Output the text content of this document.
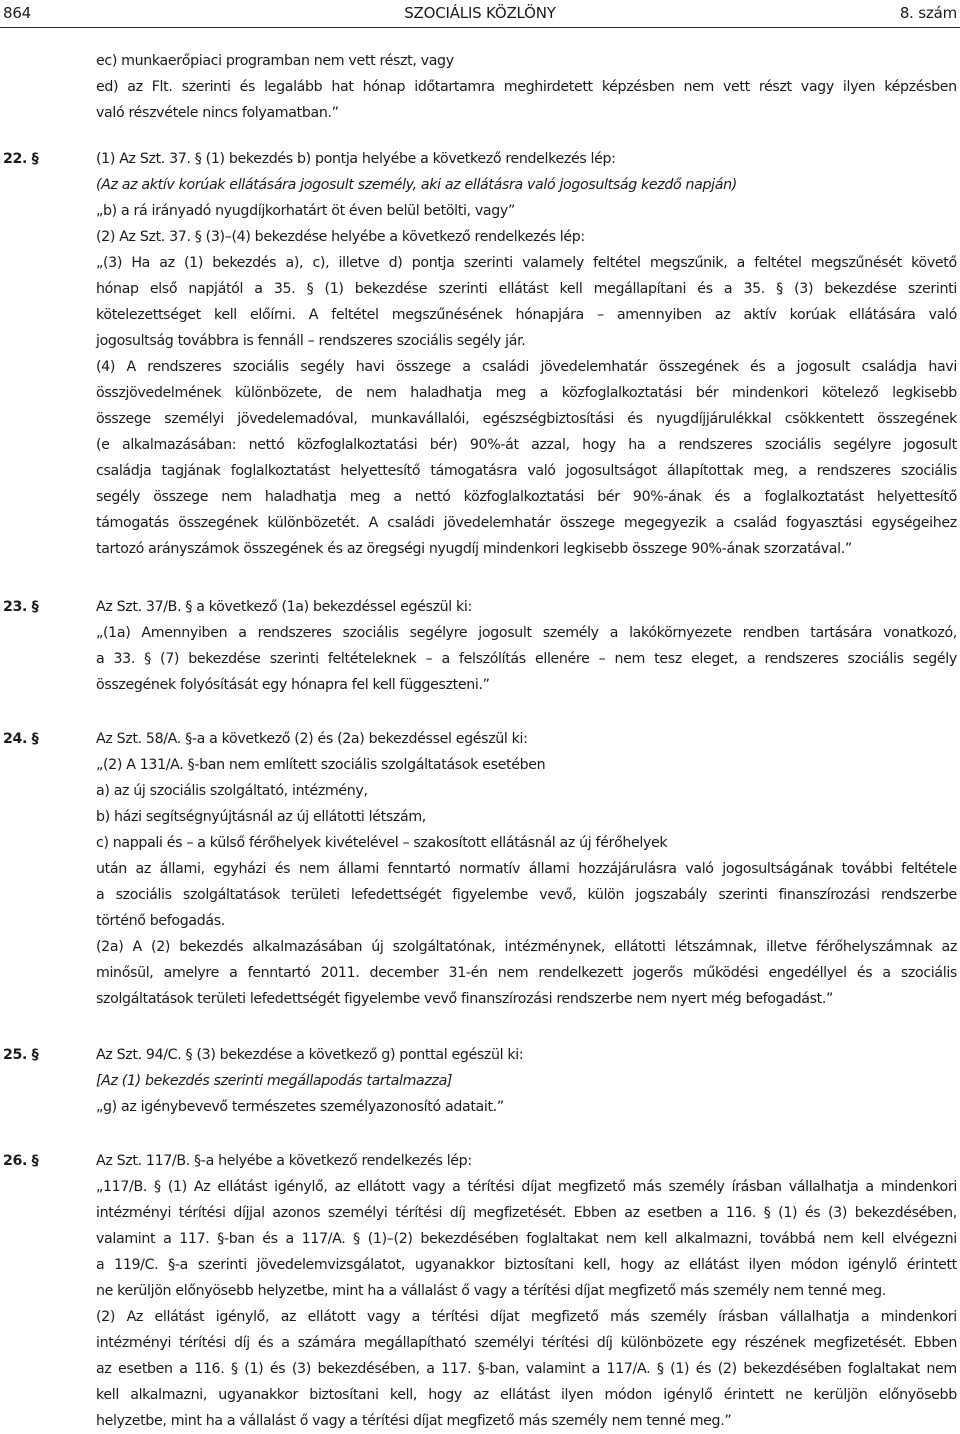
864	SZOCIÁLIS KÖZLÖNY	8. szám
ec) munkaerőpiaci programban nem vett részt, vagy
ed) az Flt. szerinti és legalább hat hónap időtartamra meghirdetett képzésben nem vett részt vagy ilyen képzésben
való részvétele nincs folyamatban.”
22. §	(1) Az Szt. 37. § (1) bekezdés b) pontja helyébe a következő rendelkezés lép:
(Az az aktív korúak ellátására jogosult személy, aki az ellátásra való jogosultság kezdő napján)
„b) a rá irányadó nyugdíjkorhatárt öt éven belül betölti, vagy”
(2) Az Szt. 37. § (3)–(4) bekezdése helyébe a következő rendelkezés lép:
„(3) Ha az (1) bekezdés a), c), illetve d) pontja szerinti valamely feltétel megszűnik, a feltétel megszűnését követő
hónap első napjától a 35. § (1) bekezdése szerinti ellátást kell megállapítani és a 35. § (3) bekezdése szerinti
kötelezettséget kell előírni. A feltétel megszűnésének hónapjára – amennyiben az aktív korúak ellátására való
jogosultság továbbra is fennáll – rendszeres szociális segély jár.
(4) A rendszeres szociális segély havi összege a családi jövedelemhatár összegének és a jogosult családja havi
összjövedelmének különbözete, de nem haladhatja meg a közfoglalkoztatási bér mindenkori kötelező legkisebb
összege személyi jövedelemadóval, munkavállalói, egészségbiztosítási és nyugdíjjárulékkal csökkentett összegének
(e alkalmazásában: nettó közfoglalkoztatási bér) 90%-át azzal, hogy ha a rendszeres szociális segélyre jogosult
családja tagjának foglalkoztatást helyettesítő támogatásra való jogosultságot állapítottak meg, a rendszeres szociális
segély összege nem haladhatja meg a nettó közfoglalkoztatási bér 90%-ának és a foglalkoztatást helyettesítő
támogatás összegének különbözetét. A családi jövedelemhatár összege megegyezik a család fogyasztási egységeihez
tartozó arányszámok összegének és az öregségi nyugdíj mindenkori legkisebb összege 90%-ának szorzatával.”
23. §	Az Szt. 37/B. § a következő (1a) bekezdéssel egészül ki:
„(1a) Amennyiben a rendszeres szociális segélyre jogosult személy a lakókörnyezete rendben tartására vonatkozó,
a 33. § (7) bekezdése szerinti feltételeknek – a felszólítás ellenére – nem tesz eleget, a rendszeres szociális segély
összegének folyósítását egy hónapra fel kell függeszteni.”
24. §	Az Szt. 58/A. §-a a következő (2) és (2a) bekezdéssel egészül ki:
„(2) A 131/A. §-ban nem említett szociális szolgáltatások esetében
a) az új szociális szolgáltató, intézmény,
b) házi segítségnyújtásnál az új ellátotti létszám,
c) nappali és – a külső férőhelyek kivételével – szakosított ellátásnál az új férőhelyek
után az állami, egyházi és nem állami fenntartó normatív állami hozzájárulásra való jogosultságának további feltétele
a szociális szolgáltatások területi lefedettségét figyelembe vevő, külön jogszabály szerinti finanszírozási rendszerbe
történő befogadás.
(2a) A (2) bekezdés alkalmazásában új szolgáltatónak, intézménynek, ellátotti létszámnak, illetve férőhelyszámnak az
minősül, amelyre a fenntartó 2011. december 31-én nem rendelkezett jogerős működési engedéllyel és a szociális
szolgáltatások területi lefedettségét figyelembe vevő finanszírozási rendszerbe nem nyert még befogadást.”
25. §	Az Szt. 94/C. § (3) bekezdése a következő g) ponttal egészül ki:
[Az (1) bekezdés szerinti megállapodás tartalmazza]
„g) az igénybevevő természetes személyazonosító adatait.”
26. §	Az Szt. 117/B. §-a helyébe a következő rendelkezés lép:
„117/B. § (1) Az ellátást igénylő, az ellátott vagy a térítési díjat megfizető más személy írásban vállalhatja a mindenkori
intézményi térítési díjjal azonos személyi térítési díj megfizetését. Ebben az esetben a 116. § (1) és (3) bekezdésében,
valamint a 117. §-ban és a 117/A. § (1)–(2) bekezdésében foglaltakat nem kell alkalmazni, továbbá nem kell elvégezni
a 119/C. §-a szerinti jövedelemvizsgálatot, ugyanakkor biztosítani kell, hogy az ellátást ilyen módon igénylő érintett
ne kerüljön előnyösebb helyzetbe, mint ha a vállalást ő vagy a térítési díjat megfizető más személy nem tenné meg.
(2) Az ellátást igénylő, az ellátott vagy a térítési díjat megfizető más személy írásban vállalhatja a mindenkori
intézményi térítési díj és a számára megállapítható személyi térítési díj különbözete egy részének megfizetését. Ebben
az esetben a 116. § (1) és (3) bekezdésében, a 117. §-ban, valamint a 117/A. § (1) és (2) bekezdésében foglaltakat nem
kell alkalmazni, ugyanakkor biztosítani kell, hogy az ellátást ilyen módon igénylő érintett ne kerüljön előnyösebb
helyzetbe, mint ha a vállalást ő vagy a térítési díjat megfizető más személy nem tenné meg.”
